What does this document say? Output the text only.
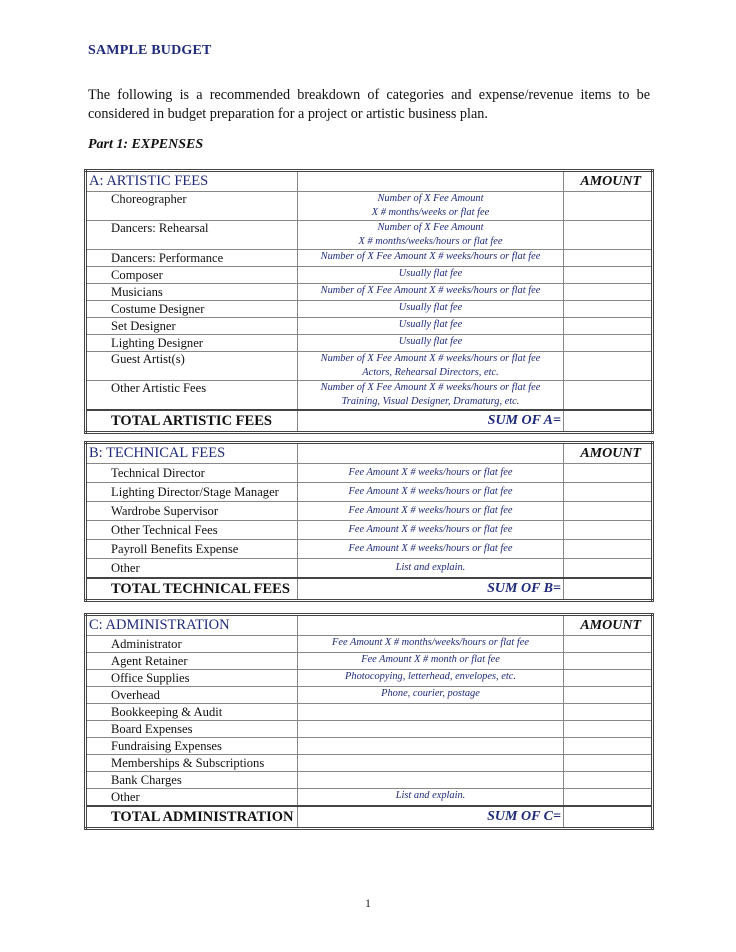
SAMPLE BUDGET
The following is a recommended breakdown of categories and expense/revenue items to be considered in budget preparation for a project or artistic business plan.
Part 1: EXPENSES
A: ARTISTIC FEES		AMOUNT
Choreographer	Number of X Fee Amount
X # months/weeks or flat fee	

Dancers: Rehearsal	Number of X Fee Amount
X # months/weeks/hours or flat fee	

Dancers: Performance	Number of X Fee Amount X # weeks/hours or flat fee	
Composer	Usually flat fee	
Musicians	Number of X Fee Amount X # weeks/hours or flat fee	
Costume Designer	Usually flat fee	
Set Designer	Usually flat fee	
Lighting Designer	Usually flat fee	
Guest Artist(s)	Number of X Fee Amount X # weeks/hours or flat fee
Actors, Rehearsal Directors, etc.	

Other Artistic Fees	Number of X Fee Amount X # weeks/hours or flat fee
Training, Visual Designer, Dramaturg, etc.	

TOTAL ARTISTIC FEES	SUM OF A=	
B: TECHNICAL FEES		AMOUNT
Technical Director	Fee Amount X # weeks/hours or flat fee	
Lighting Director/Stage Manager	Fee Amount X # weeks/hours or flat fee	
Wardrobe Supervisor	Fee Amount X # weeks/hours or flat fee	
Other Technical Fees	Fee Amount X # weeks/hours or flat fee	
Payroll Benefits Expense	Fee Amount X # weeks/hours or flat fee	
Other	List and explain.	
TOTAL TECHNICAL FEES	SUM OF B=	
C: ADMINISTRATION		AMOUNT
Administrator	Fee Amount X # months/weeks/hours or flat fee	
Agent Retainer	Fee Amount X # month or flat fee	
Office Supplies	Photocopying, letterhead, envelopes, etc.	
Overhead	Phone, courier, postage	
Bookkeeping & Audit		
Board Expenses		
Fundraising Expenses		
Memberships & Subscriptions		
Bank Charges		
Other	List and explain.	
TOTAL ADMINISTRATION	SUM OF C=	
1
